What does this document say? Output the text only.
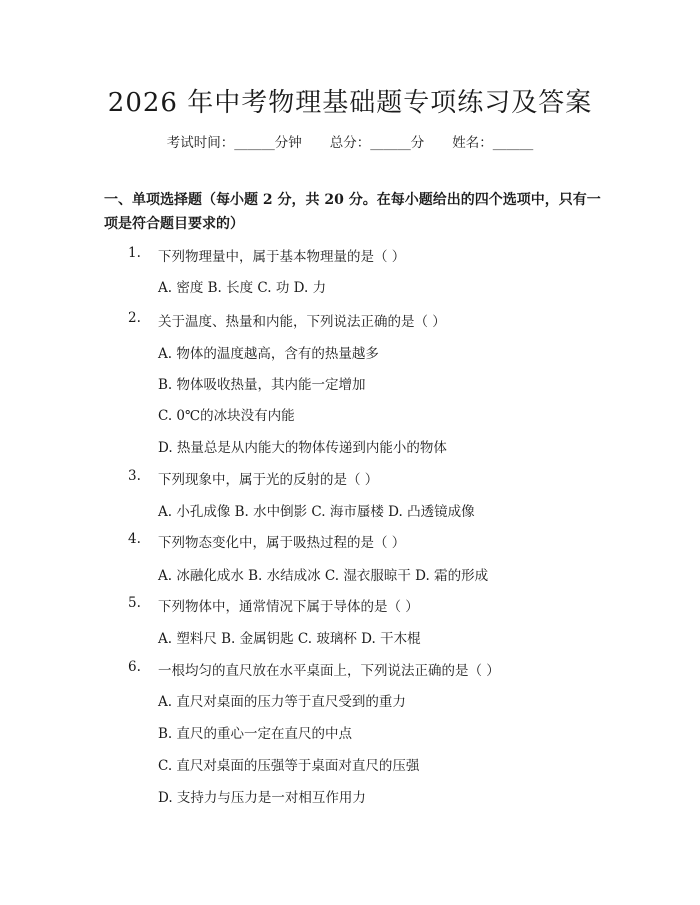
2026 年中考物理基础题专项练习及答案
考试时间：______分钟 总分：______分 姓名：______
一、单项选择题（每小题 2 分，共 20 分。在每小题给出的四个选项中，只有一项是符合题目要求的）
1. 下列物理量中，属于基本物理量的是（ ）
A. 密度 B. 长度 C. 功 D. 力
2. 关于温度、热量和内能，下列说法正确的是（ ）
A. 物体的温度越高，含有的热量越多
B. 物体吸收热量，其内能一定增加
C. 0℃的冰块没有内能
D. 热量总是从内能大的物体传递到内能小的物体
3. 下列现象中，属于光的反射的是（ ）
A. 小孔成像 B. 水中倒影 C. 海市蜃楼 D. 凸透镜成像
4. 下列物态变化中，属于吸热过程的是（ ）
A. 冰融化成水 B. 水结成冰 C. 湿衣服晾干 D. 霜的形成
5. 下列物体中，通常情况下属于导体的是（ ）
A. 塑料尺 B. 金属钥匙 C. 玻璃杯 D. 干木棍
6. 一根均匀的直尺放在水平桌面上，下列说法正确的是（ ）
A. 直尺对桌面的压力等于直尺受到的重力
B. 直尺的重心一定在直尺的中点
C. 直尺对桌面的压强等于桌面对直尺的压强
D. 支持力与压力是一对相互作用力
